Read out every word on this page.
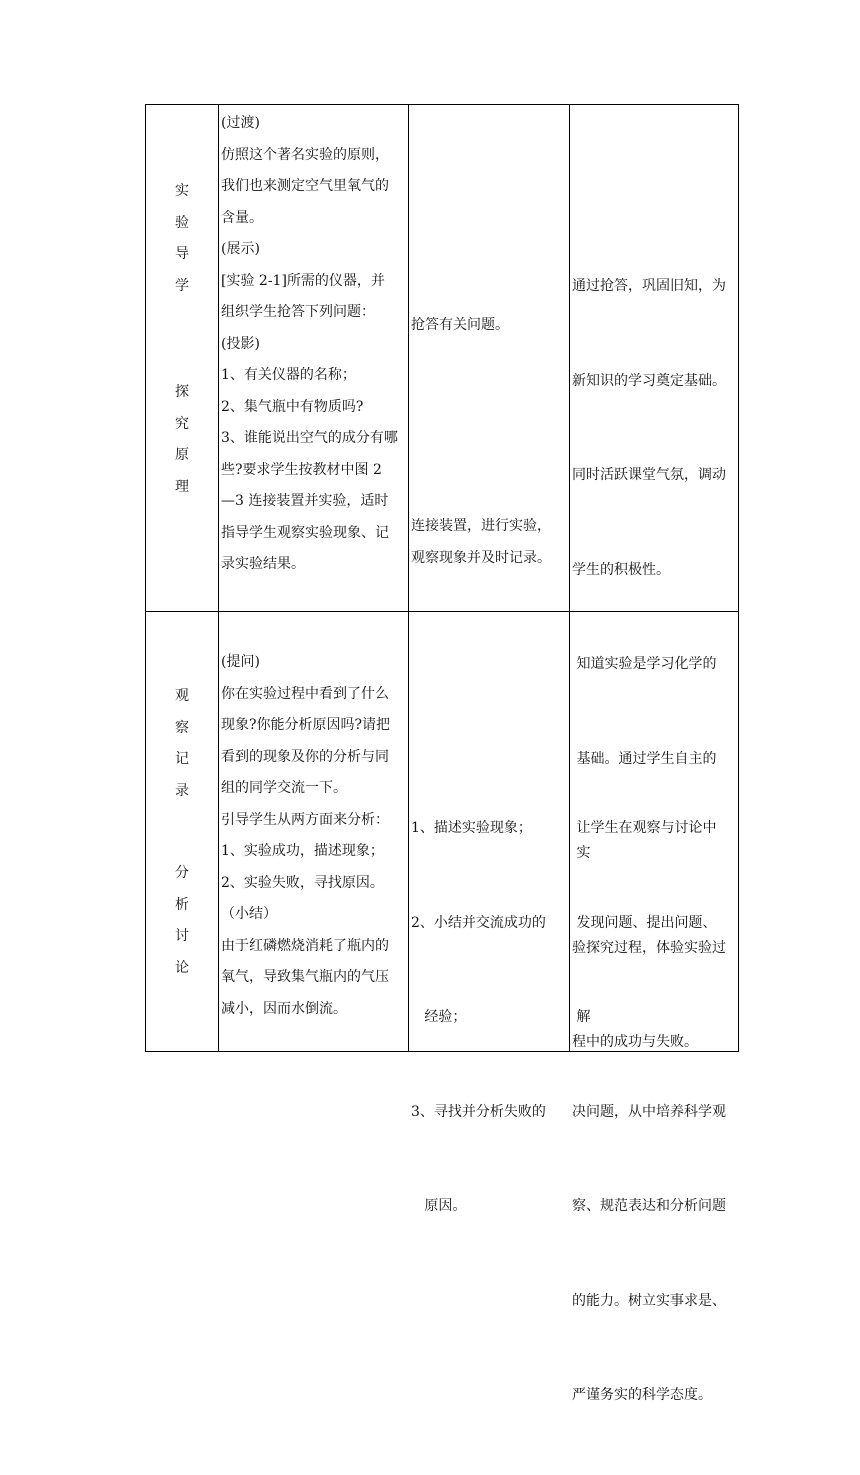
实
验
导
学
探
究
原
理
(过渡)
仿照这个著名实验的原则，
我们也来测定空气里氧气的
含量。
(展示)
[实验 2-1]所需的仪器，并
组织学生抢答下列问题：
(投影)
1、有关仪器的名称；
2、集气瓶中有物质吗?
3、谁能说出空气的成分有哪
些?要求学生按教材中图 2
—3 连接装置并实验，适时
指导学生观察实验现象、记
录实验结果。
抢答有关问题。
连接装置，进行实验，
观察现象并及时记录。

通过抢答，巩固旧知，为

新知识的学习奠定基础。

同时活跃课堂气氛，调动

学生的积极性。

知道实验是学习化学的

基础。通过学生自主的

实

验探究过程，体验实验过

程中的成功与失败。

观
察
记
录
分
析
讨
论
(提问)
你在实验过程中看到了什么
现象?你能分析原因吗?请把
看到的现象及你的分析与同
组的同学交流一下。
引导学生从两方面来分析：
1、实验成功，描述现象；
2、实验失败，寻找原因。
（小结）
由于红磷燃烧消耗了瓶内的
氧气，导致集气瓶内的气压
减小，因而水倒流。

1、描述实验现象；

2、小结并交流成功的

经验；

3、寻找并分析失败的

原因。

让学生在观察与讨论中

发现问题、提出问题、

解

决问题，从中培养科学观

察、规范表达和分析问题

的能力。树立实事求是、

严谨务实的科学态度。
